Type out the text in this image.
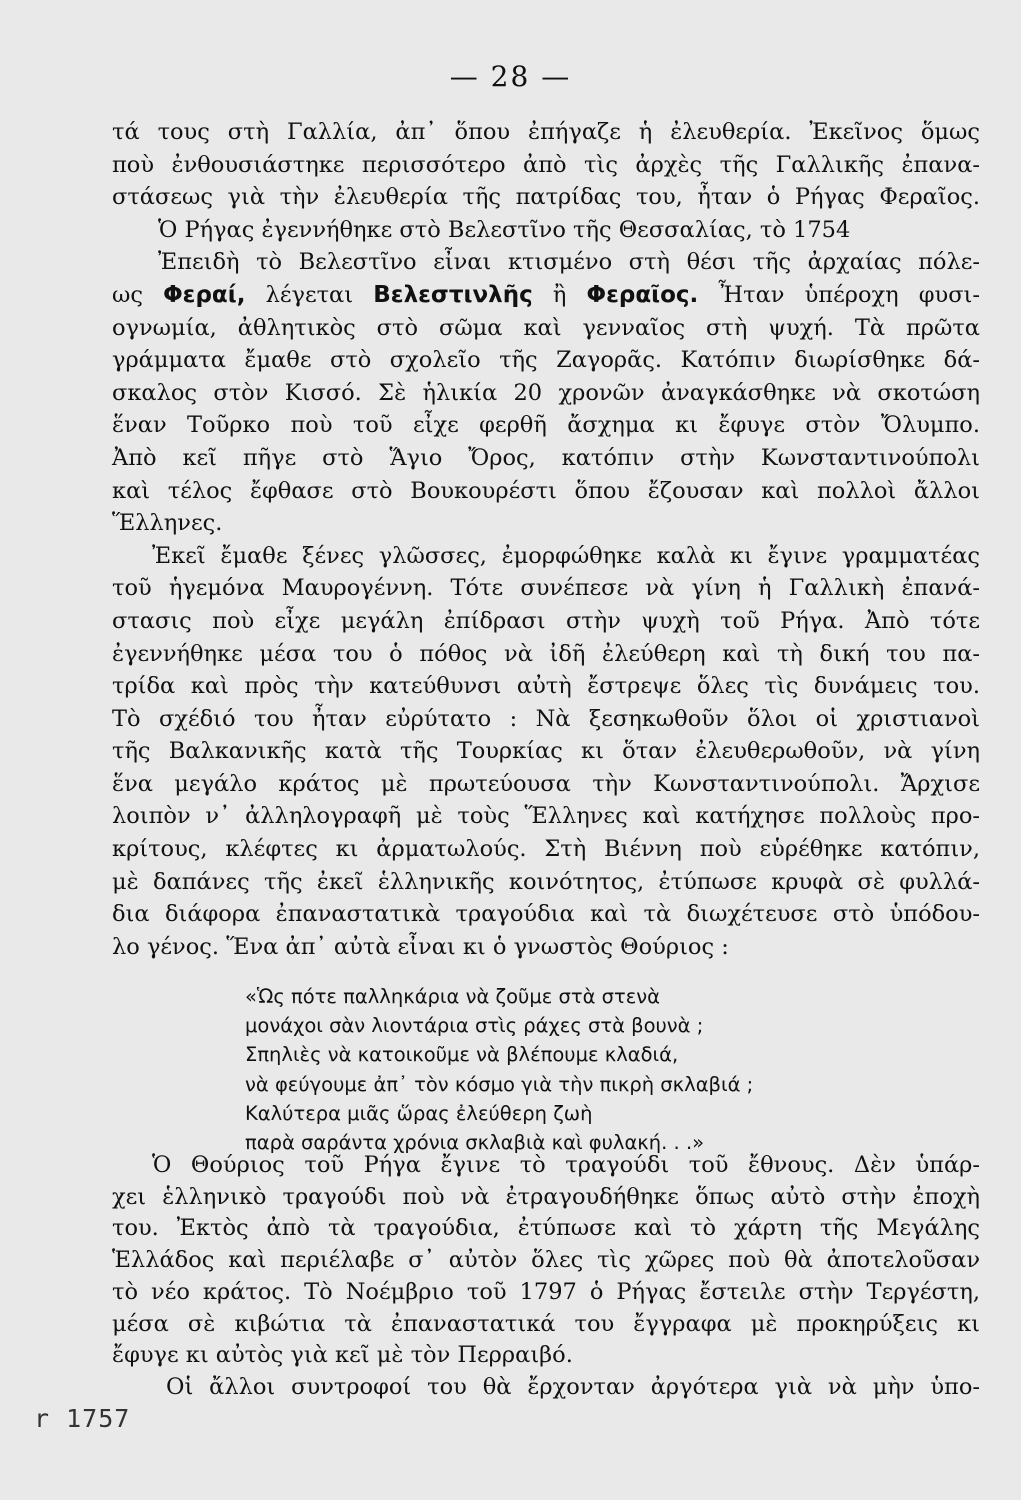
— 28 —
τά τους στὴ Γαλλία, ἀπ᾿ ὅπου ἐπήγαζε ἡ ἐλευθερία. Ἐκεῖνος ὅμως
ποὺ ἐνθουσιάστηκε περισσότερο ἀπὸ τὶς ἀρχὲς τῆς Γαλλικῆς ἐπανα-
στάσεως γιὰ τὴν ἐλευθερία τῆς πατρίδας του, ἦταν ὁ Ρήγας Φεραῖος.
Ὁ Ρήγας ἐγεννήθηκε στὸ Βελεστῖνο τῆς Θεσσαλίας, τὸ 1754
Ἐπειδὴ τὸ Βελεστῖνο εἶναι κτισμένο στὴ θέσι τῆς ἀρχαίας πόλε-
ως Φεραί, λέγεται Βελεστινλῆς ἢ Φεραῖος. Ἦταν ὑπέροχη φυσι-
ογνωμία, ἀθλητικὸς στὸ σῶμα καὶ γενναῖος στὴ ψυχή. Τὰ πρῶτα
γράμματα ἔμαθε στὸ σχολεῖο τῆς Ζαγορᾶς. Κατόπιν διωρίσθηκε δά-
σκαλος στὸν Κισσό. Σὲ ἡλικία 20 χρονῶν ἀναγκάσθηκε νὰ σκοτώση
ἕναν Τοῦρκο ποὺ τοῦ εἶχε φερθῆ ἄσχημα κι ἔφυγε στὸν Ὄλυμπο.
Ἀπὸ κεῖ πῆγε στὸ Ἅγιο Ὄρος, κατόπιν στὴν Κωνσταντινούπολι
καὶ τέλος ἔφθασε στὸ Βουκουρέστι ὅπου ἔζουσαν καὶ πολλοὶ ἄλλοι
Ἕλληνες.
Ἐκεῖ ἔμαθε ξένες γλῶσσες, ἐμορφώθηκε καλὰ κι ἔγινε γραμματέας
τοῦ ἡγεμόνα Μαυρογέννη. Τότε συνέπεσε νὰ γίνη ἡ Γαλλικὴ ἐπανά-
στασις ποὺ εἶχε μεγάλη ἐπίδρασι στὴν ψυχὴ τοῦ Ρήγα. Ἀπὸ τότε
ἐγεννήθηκε μέσα του ὁ πόθος νὰ ἰδῆ ἐλεύθερη καὶ τὴ δική του πα-
τρίδα καὶ πρὸς τὴν κατεύθυνσι αὐτὴ ἔστρεψε ὅλες τὶς δυνάμεις του.
Τὸ σχέδιό του ἦταν εὐρύτατο : Νὰ ξεσηκωθοῦν ὅλοι οἱ χριστιανοὶ
τῆς Βαλκανικῆς κατὰ τῆς Τουρκίας κι ὅταν ἐλευθερωθοῦν, νὰ γίνη
ἕνα μεγάλο κράτος μὲ πρωτεύουσα τὴν Κωνσταντινούπολι. Ἄρχισε
λοιπὸν ν᾿ ἀλληλογραφῆ μὲ τοὺς Ἕλληνες καὶ κατήχησε πολλοὺς προ-
κρίτους, κλέφτες κι ἀρματωλούς. Στὴ Βιέννη ποὺ εὑρέθηκε κατόπιν,
μὲ δαπάνες τῆς ἐκεῖ ἑλληνικῆς κοινότητος, ἐτύπωσε κρυφὰ σὲ φυλλά-
δια διάφορα ἐπαναστατικὰ τραγούδια καὶ τὰ διωχέτευσε στὸ ὑπόδου-
λο γένος. Ἕνα ἀπ᾿ αὐτὰ εἶναι κι ὁ γνωστὸς Θούριος :
«Ὡς πότε παλληκάρια νὰ ζοῦμε στὰ στενὰ
μονάχοι σὰν λιοντάρια στὶς ράχες στὰ βουνὰ ;
Σπηλιὲς νὰ κατοικοῦμε νὰ βλέπουμε κλαδιά,
νὰ φεύγουμε ἀπ᾿ τὸν κόσμο γιὰ τὴν πικρὴ σκλαβιά ;
Καλύτερα μιᾶς ὥρας ἐλεύθερη ζωὴ
παρὰ σαράντα χρόνια σκλαβιὰ καὶ φυλακή. . .»
Ὁ Θούριος τοῦ Ρήγα ἔγινε τὸ τραγούδι τοῦ ἔθνους. Δὲν ὑπάρ-
χει ἑλληνικὸ τραγούδι ποὺ νὰ ἐτραγουδήθηκε ὅπως αὐτὸ στὴν ἐποχὴ
του. Ἐκτὸς ἀπὸ τὰ τραγούδια, ἐτύπωσε καὶ τὸ χάρτη τῆς Μεγάλης
Ἑλλάδος καὶ περιέλαβε σ᾿ αὐτὸν ὅλες τὶς χῶρες ποὺ θὰ ἀποτελοῦσαν
τὸ νέο κράτος. Τὸ Νοέμβριο τοῦ 1797 ὁ Ρήγας ἔστειλε στὴν Τεργέστη,
μέσα σὲ κιβώτια τὰ ἐπαναστατικά του ἔγγραφα μὲ προκηρύξεις κι
ἔφυγε κι αὐτὸς γιὰ κεῖ μὲ τὸν Περραιβό.
Οἱ ἄλλοι συντροφοί του θὰ ἔρχονταν ἀργότερα γιὰ νὰ μὴν ὑπο-
r 1757
